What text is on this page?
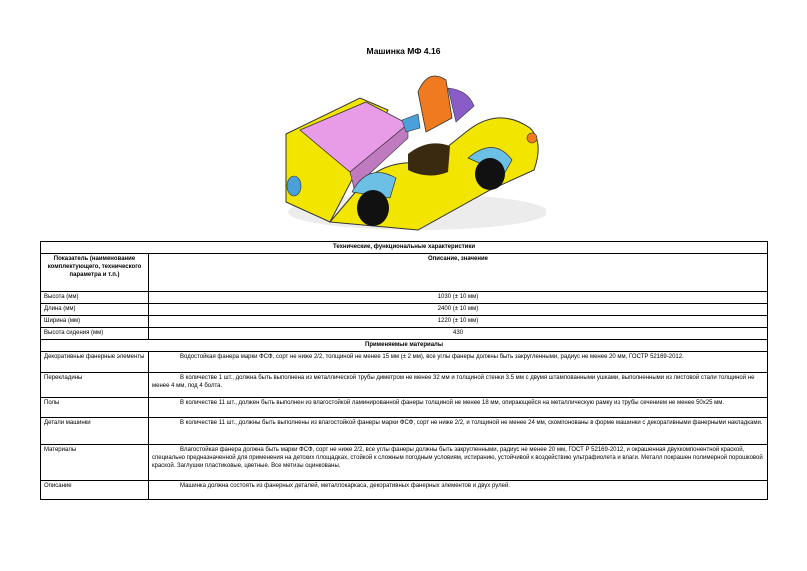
Машинка МФ 4.16
Технические, функциональные характеристики	
Показатель (наименование комплектующего, технического параметра и т.п.)	Описание, значение
Высота (мм)	1030 (± 10 мм)
Длина (мм)	2400 (± 10 мм)
Ширина (мм)	1220 (± 10 мм)
Высота сидения (мм)	430
Применяемые материалы	
Декоративные фанерные элементы	Водостойкая фанера марки ФСФ, сорт не ниже 2/2, толщиной не менее 15 мм (± 2 мм), все углы фанеры должны быть закругленными, радиус не менее 20 мм, ГОСТР 52169-2012.
Перекладины	В количестве 1 шт., должна быть выполнена из металлической трубы диметром не менее 32 мм и толщиной стенки 3.5 мм с двумя штампованными ушками, выполненными из листовой стали толщиной не менее 4 мм, под 4 болта.
Полы	В количестве 11 шт., должен быть выполнен из влагостойкой ламинированной фанеры толщиной не менее 18 мм, опирающейся на металлическую рамку из трубы сечением не менее 50х25 мм.
Детали машинки	В количестве 11 шт., должны быть выполнены из влагостойкой фанеры марки ФСФ, сорт не ниже 2/2, и толщиной не менее 24 мм, скомпонованы в форме машинки с декоративными фанерными накладками.
Материалы	Влагостойкая фанера должна быть марки ФСФ, сорт не ниже 2/2, все углы фанеры должны быть закругленными, радиус не менее 20 мм, ГОСТ Р 52169-2012, и окрашенная двухкомпонентной краской, специально предназначенной для применения на детских площадках, стойкой к сложным погодным условиям, истиранию, устойчивой к воздействию ультрафиолета и влаги. Металл покрашен полимерной порошковой краской. Заглушки пластиковые, цветные. Все метизы оцинкованы.
Описание	Машинка должна состоять из фанерных деталей, металлокаркаса, декоративных фанерных элементов и двух рулей.
